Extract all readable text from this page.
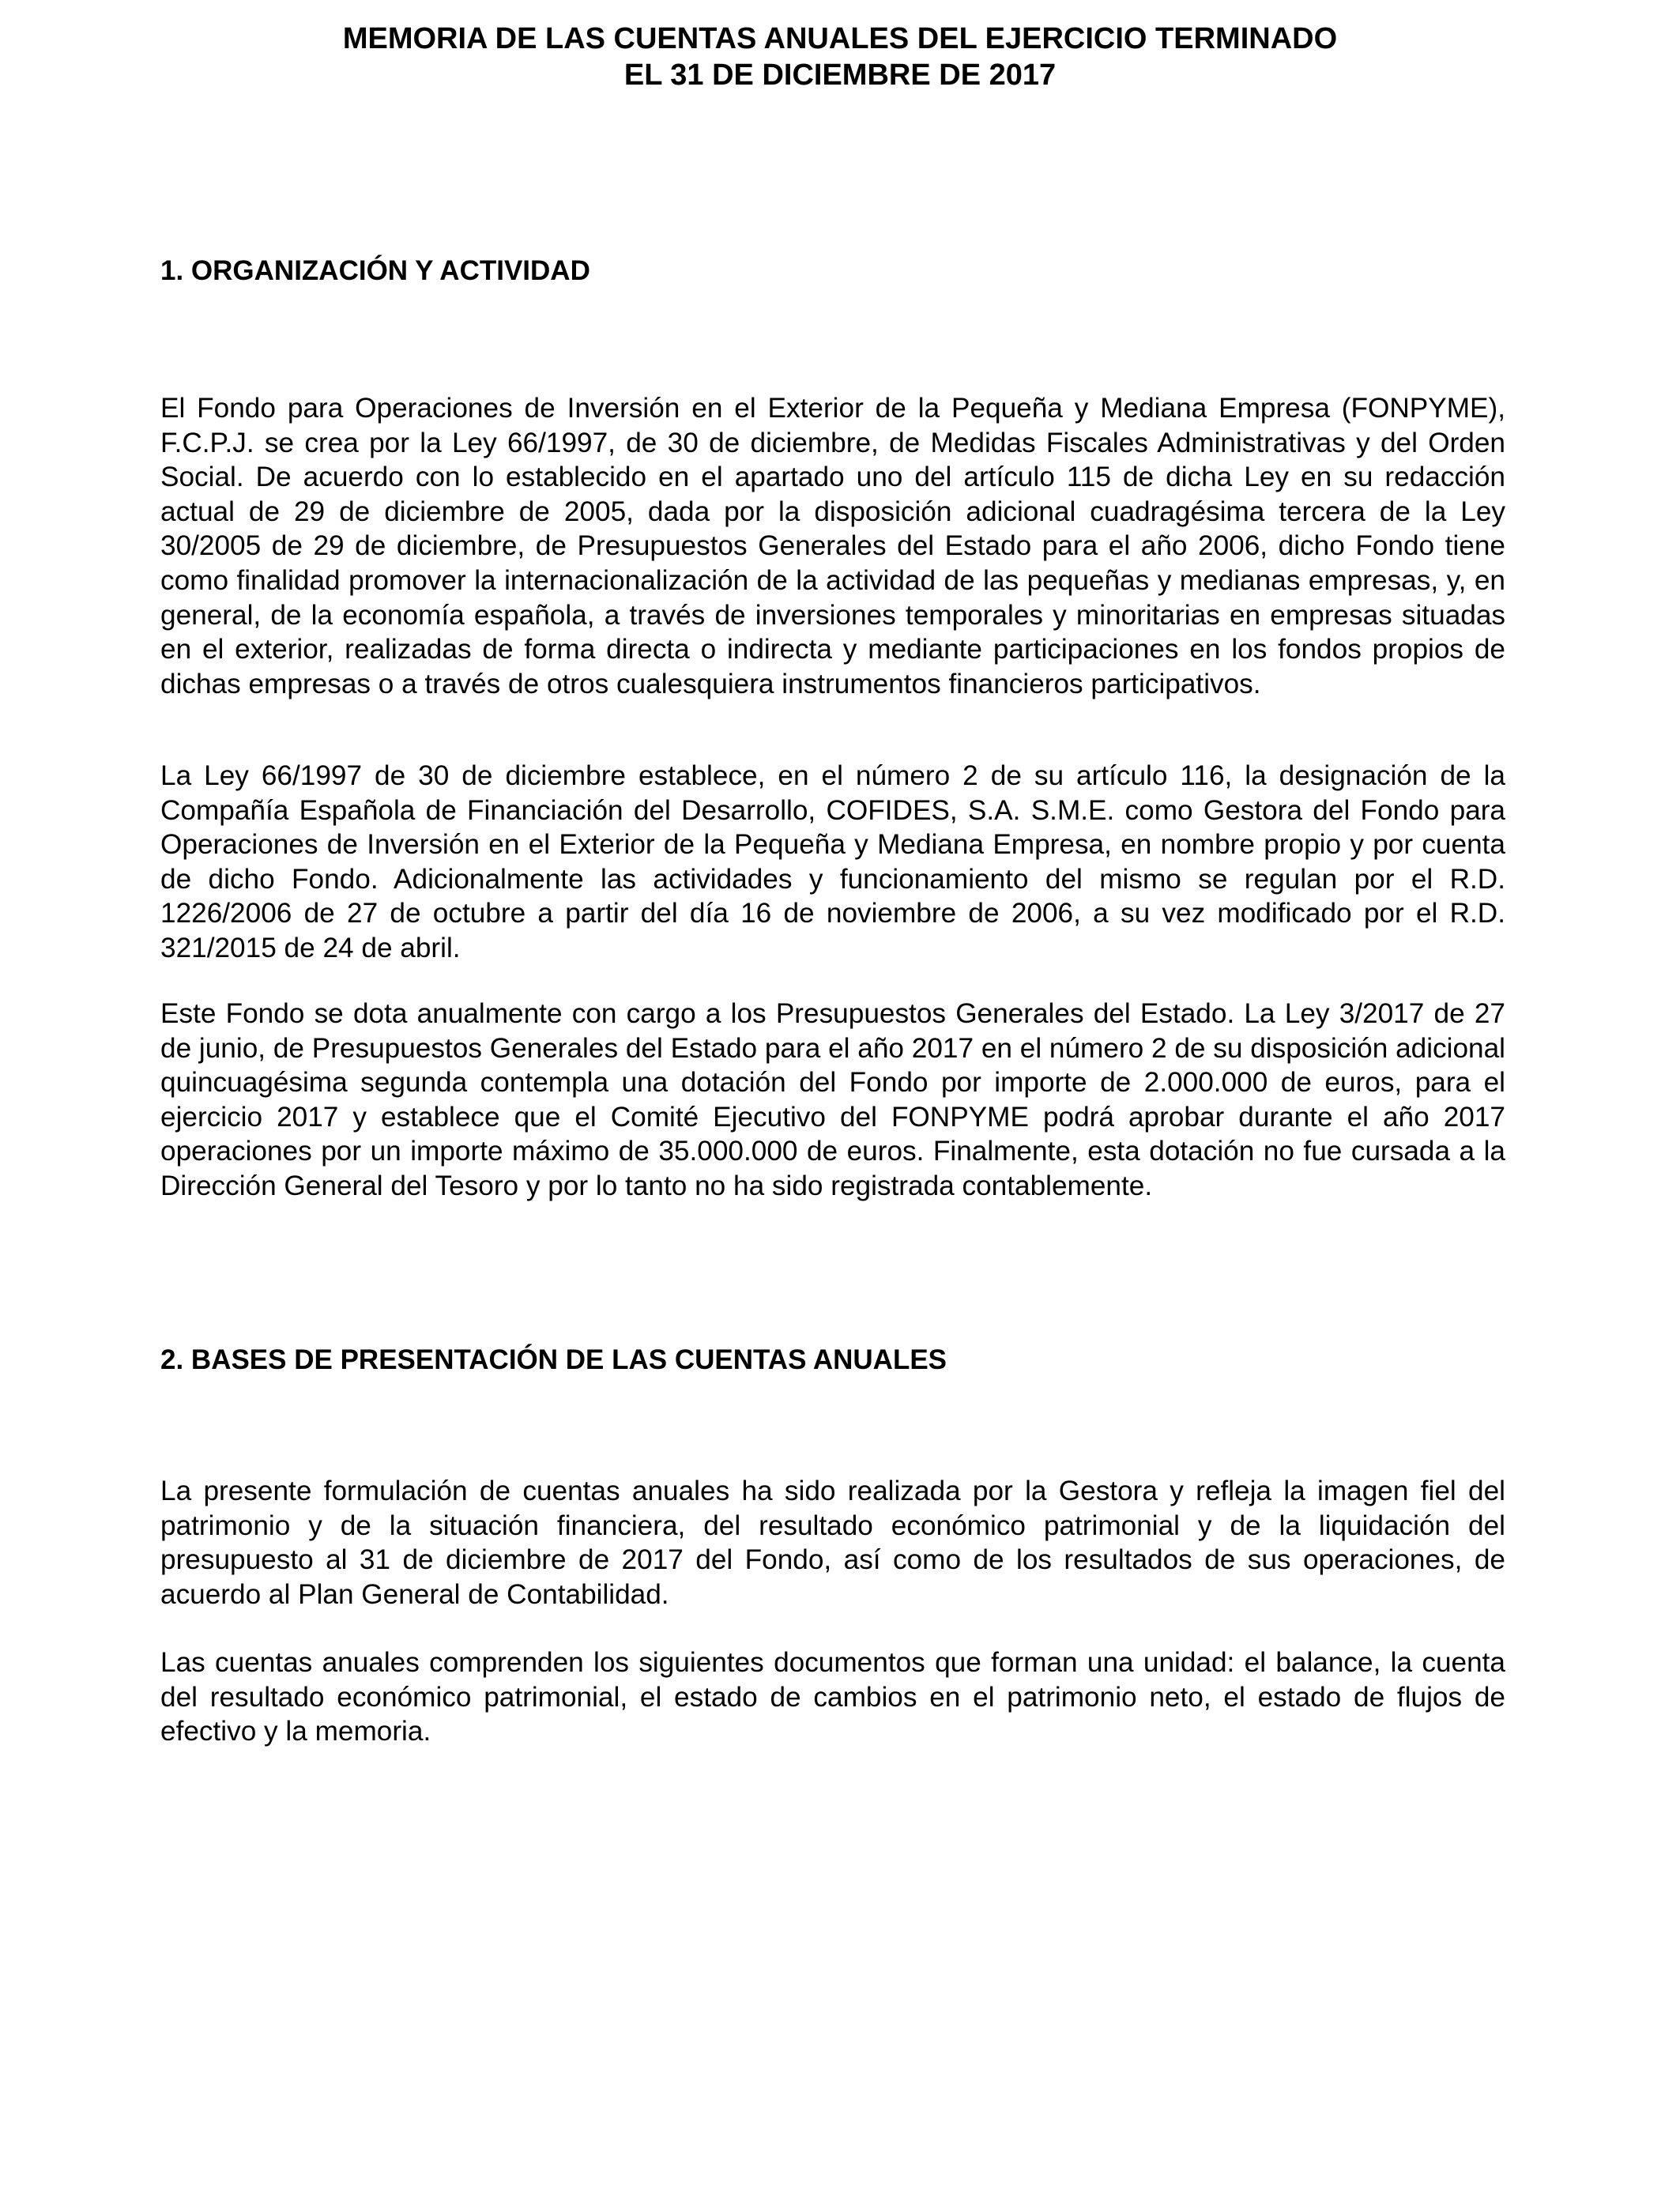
MEMORIA DE LAS CUENTAS ANUALES DEL EJERCICIO TERMINADO
EL 31 DE DICIEMBRE DE 2017
1. ORGANIZACIÓN Y ACTIVIDAD

El Fondo para Operaciones de Inversión en el Exterior de la Pequeña y Mediana Empresa (FONPYME), F.C.P.J. se crea por la Ley 66/1997, de 30 de diciembre, de Medidas Fiscales Administrativas y del Orden Social. De acuerdo con lo establecido en el apartado uno del artículo 115 de dicha Ley en su redacción actual de 29 de diciembre de 2005, dada por la disposición adicional cuadragésima tercera de la Ley 30/2005 de 29 de diciembre, de Presupuestos Generales del Estado para el año 2006, dicho Fondo tiene como finalidad promover la internacionalización de la actividad de las pequeñas y medianas empresas, y, en general, de la economía española, a través de inversiones temporales y minoritarias en empresas situadas en el exterior, realizadas de forma directa o indirecta y mediante participaciones en los fondos propios de dichas empresas o a través de otros cualesquiera instrumentos financieros participativos.

La Ley 66/1997 de 30 de diciembre establece, en el número 2 de su artículo 116, la designación de la Compañía Española de Financiación del Desarrollo, COFIDES, S.A. S.M.E. como Gestora del Fondo para Operaciones de Inversión en el Exterior de la Pequeña y Mediana Empresa, en nombre propio y por cuenta de dicho Fondo. Adicionalmente las actividades y funcionamiento del mismo se regulan por el R.D. 1226/2006 de 27 de octubre a partir del día 16 de noviembre de 2006, a su vez modificado por el R.D. 321/2015 de 24 de abril.

Este Fondo se dota anualmente con cargo a los Presupuestos Generales del Estado. La Ley 3/2017 de 27 de junio, de Presupuestos Generales del Estado para el año 2017 en el número 2 de su disposición adicional quincuagésima segunda contempla una dotación del Fondo por importe de 2.000.000 de euros, para el ejercicio 2017 y establece que el Comité Ejecutivo del FONPYME podrá aprobar durante el año 2017 operaciones por un importe máximo de 35.000.000 de euros. Finalmente, esta dotación no fue cursada a la Dirección General del Tesoro y por lo tanto no ha sido registrada contablemente.

2. BASES DE PRESENTACIÓN DE LAS CUENTAS ANUALES

La presente formulación de cuentas anuales ha sido realizada por la Gestora y refleja la imagen fiel del patrimonio y de la situación financiera, del resultado económico patrimonial y de la liquidación del presupuesto al 31 de diciembre de 2017 del Fondo, así como de los resultados de sus operaciones, de acuerdo al Plan General de Contabilidad.

Las cuentas anuales comprenden los siguientes documentos que forman una unidad: el balance, la cuenta del resultado económico patrimonial, el estado de cambios en el patrimonio neto, el estado de flujos de efectivo y la memoria.
